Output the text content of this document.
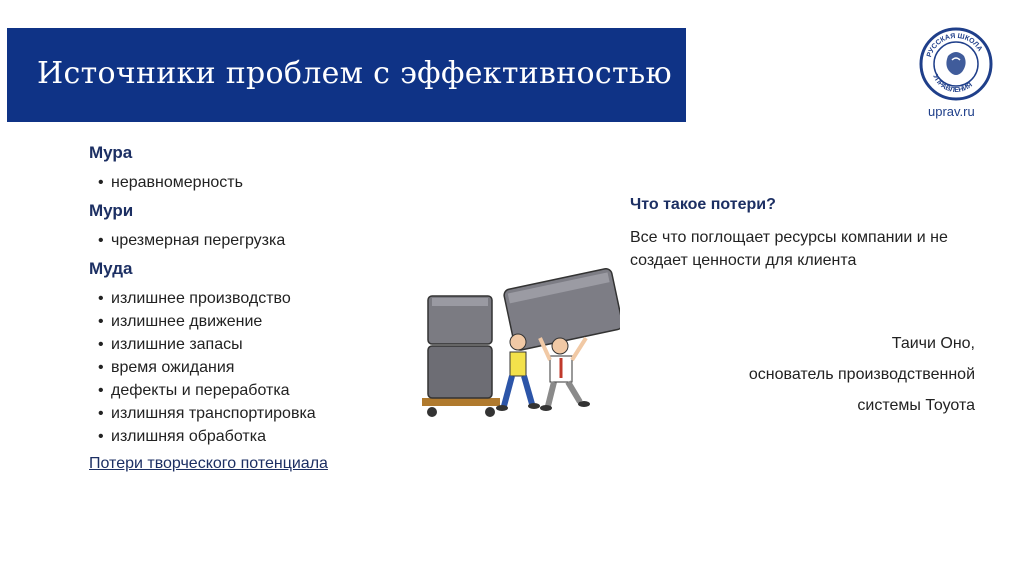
Источники проблем с эффективностью
РУССКАЯ ШКОЛА
УПРАВЛЕНИЯ
uprav.ru
Мура
• неравномерность
Мури
• чрезмерная перегрузка
Муда
• излишнее производство
• излишнее движение
• излишние запасы
• время ожидания
• дефекты и переработка
• излишняя транспортировка
• излишняя обработка
Потери творческого потенциала
Что такое потери?
Все что поглощает ресурсы компании и не создает ценности для клиента
Таичи Оно,
основатель производственной
системы Тоуота
